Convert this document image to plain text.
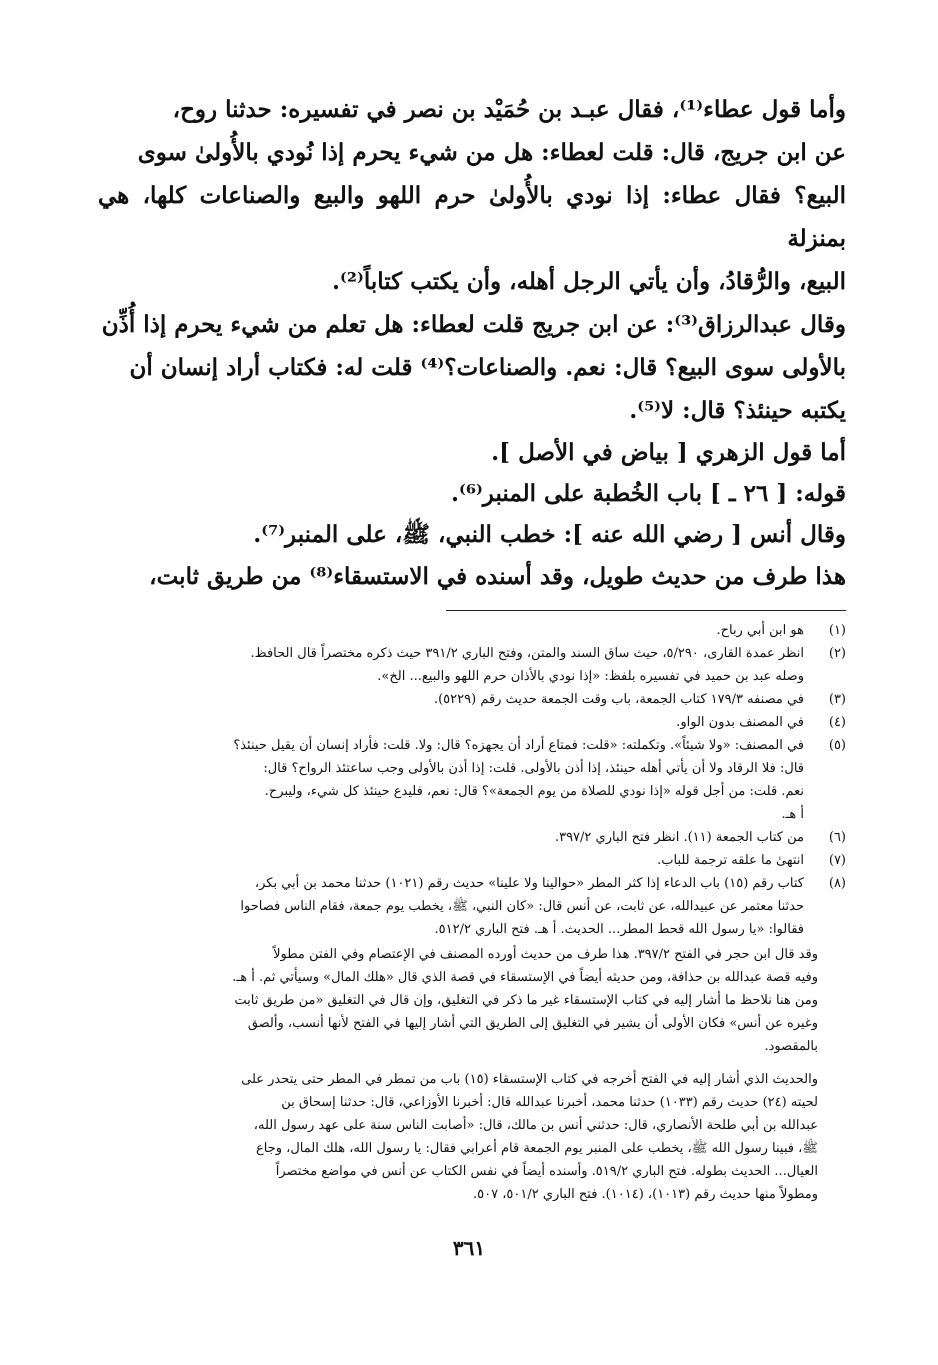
وأما قول عطاء⁽¹⁾، فقال عبـد بن حُمَيْد بن نصر في تفسيره: حدثنا روح،

عن ابن جريج، قال: قلت لعطاء: هل من شيء يحرم إذا نُودي بالأُولىٰ سوى

البيع؟ فقال عطاء: إذا نودي بالأُولىٰ حرم اللهو والبيع والصناعات كلها، هي بمنزلة

البيع، والرُّقادُ، وأن يأتي الرجل أهله، وأن يكتب كتاباً⁽²⁾.

وقال عبدالرزاق⁽³⁾: عن ابن جريج قلت لعطاء: هل تعلم من شيء يحرم إذا أُذِّن

بالأولى سوى البيع؟ قال: نعم. والصناعات؟⁽⁴⁾ قلت له: فكتاب أراد إنسان أن

يكتبه حينئذ؟ قال: لا⁽⁵⁾.

أما قول الزهري [ بياض في الأصل ].

قوله: [ ٢٦ ـ ] باب الخُطبة على المنبر⁽⁶⁾.

وقال أنس [ رضي الله عنه ]: خطب النبي، ﷺ، على المنبر⁽⁷⁾.

هذا طرف من حديث طويل، وقد أسنده في الاستسقاء⁽⁸⁾ من طريق ثابت،

(١)
هو ابن أبي رباح.
(٢)
انظر عمدة القارى، ٥/٢٩٠، حيث ساق السند والمتن، وفتح الباري ٣٩١/٢ حيث ذكره مختصراً قال الحافظ.
وصله عبد بن حميد في تفسيره بلفظ: «إذا نودي بالأذان حرم اللهو والبيع... الخ».
(٣)
في مصنفه ١٧٩/٣ كتاب الجمعة، باب وقت الجمعة حديث رقم (٥٢٢٩).
(٤)
في المصنف بدون الواو.
(٥)
في المصنف: «ولا شيئاً». وتكملته: «قلت: فمتاع أراد أن يجهزه؟ قال: ولا. قلت: فأراد إنسان أن يقيل حينئذ؟
قال: فلا الرقاد ولا أن يأتي أهله حينئذ، إذا أذن بالأولى. قلت: إذا أذن بالأولى وجب ساعتئذ الرواح؟ قال:
نعم. قلت: من أجل قوله «إذا نودي للصلاة من يوم الجمعة»؟ قال: نعم، فليدع حينئذ كل شيء، وليبرح.
أ هـ.
(٦)
من كتاب الجمعة (١١). انظر فتح الباري ٣٩٧/٢.
(٧)
انتهىٰ ما علقه ترجمة للباب.
(٨)
كتاب رقم (١٥) باب الدعاء إذا كثر المطر «حوالينا ولا علينا» حديث رقم (١٠٢١) حدثنا محمد بن أبي بكر،
حدثنا معتمر عن عبيدالله، عن ثابت، عن أنس قال: «كان النبي، ﷺ، يخطب يوم جمعة، فقام الناس فصاحوا
فقالوا: «يا رسول الله قحط المطر... الحديث. أ هـ. فتح الباري ٥١٢/٢.
وقد قال ابن حجر في الفتح ٣٩٧/٢. هذا طرف من حديث أورده المصنف في الإعتصام وفي الفتن مطولاً
وفيه قصة عبدالله بن حذافة، ومن حديثه أيضاً في الإستسقاء في قصة الذي قال «هلك المال» وسيأتي ثم. أ هـ.
ومن هنا نلاحظ ما أشار إليه في كتاب الإستسقاء غير ما ذكر في التغليق، وإن قال في التغليق «من طريق ثابت
وغيره عن أنس» فكان الأولى أن يشير في التغليق إلى الطريق التي أشار إليها في الفتح لأنها أنسب، وألصق
بالمقصود.
والحديث الذي أشار إليه في الفتح أخرجه في كتاب الإستسقاء (١٥) باب من تمطر في المطر حتى يتحدر على
لحيته (٢٤) حديث رقم (١٠٣٣) حدثنا محمد، أخبرنا عبدالله قال: أخبرنا الأوزاعي، قال: حدثنا إسحاق بن
عبدالله بن أبي طلحة الأنصاري، قال: حدثني أنس بن مالك، قال: «أصابت الناس سنة على عهد رسول الله،
ﷺ، فبينا رسول الله ﷺ، يخطب على المنبر يوم الجمعة قام أعرابي فقال: يا رسول الله، هلك المال، وجاع
العيال... الحديث بطوله. فتح الباري ٥١٩/٢. وأسنده أيضاً في نفس الكتاب عن أنس في مواضع مختصراً
ومطولاً منها حديث رقم (١٠١٣)، (١٠١٤). فتح الباري ٥٠١/٢، ٥٠٧.
٣٦١
